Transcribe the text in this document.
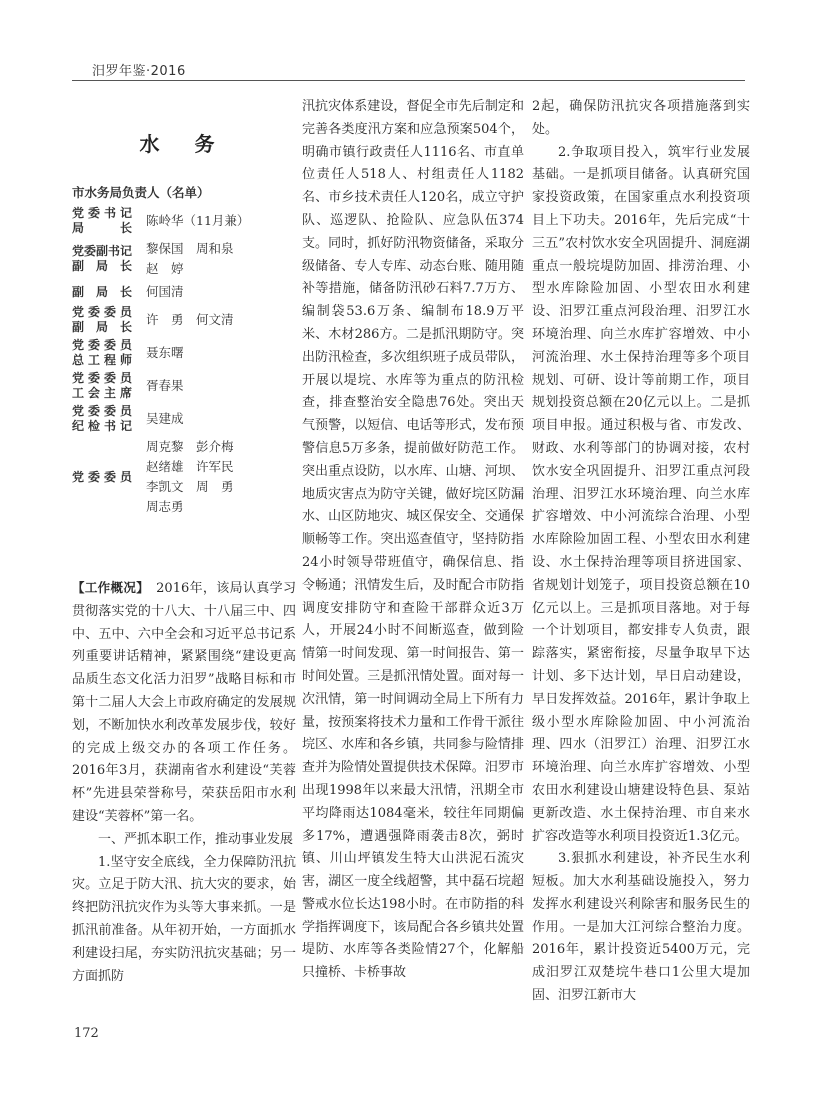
汨罗年鉴·2016
水 务
市水务局负责人（名单）
党委书记
局长 陈岭华（11月兼）
党委副书记
副局长
黎保国　周和泉
赵　婷
副局长 何国清
党委委员
副局长 许　勇　何文清
党委委员
总工程师 聂东曙
党委委员
工会主席 胥春果
党委委员
纪检书记 吴建成
党委委员
周克黎　彭介梅
赵绪雄　许军民
李凯文　周　勇
周志勇

【工作概况】　2016年，该局认真学习贯彻落实党的十八大、十八届三中、四中、五中、六中全会和习近平总书记系列重要讲话精神，紧紧围绕“建设更高品质生态文化活力汨罗”战略目标和市第十二届人大会上市政府确定的发展规划，不断加快水利改革发展步伐，较好的完成上级交办的各项工作任务。2016年3月，获湖南省水利建设“芙蓉杯”先进县荣誉称号，荣获岳阳市水利建设“芙蓉杯”第一名。

一、严抓本职工作，推动事业发展

1.坚守安全底线，全力保障防汛抗灾。立足于防大汛、抗大灾的要求，始终把防汛抗灾作为头等大事来抓。一是抓汛前准备。从年初开始，一方面抓水利建设扫尾，夯实防汛抗灾基础；另一方面抓防

汛抗灾体系建设，督促全市先后制定和完善各类度汛方案和应急预案504个，明确市镇行政责任人1116名、市直单位责任人518人、村组责任人1182名、市乡技术责任人120名，成立守护队、巡逻队、抢险队、应急队伍374支。同时，抓好防汛物资储备，采取分级储备、专人专库、动态台账、随用随补等措施，储备防汛砂石料7.7万方、编制袋53.6万条、编制布18.9万平米、木材286方。二是抓汛期防守。突出防汛检查，多次组织班子成员带队，开展以堤垸、水库等为重点的防汛检查，排查整治安全隐患76处。突出天气预警，以短信、电话等形式，发布预警信息5万多条，提前做好防范工作。突出重点设防，以水库、山塘、河坝、地质灾害点为防守关键，做好垸区防漏水、山区防地灾、城区保安全、交通保顺畅等工作。突出巡查值守，坚持防指24小时领导带班值守，确保信息、指令畅通；汛情发生后，及时配合市防指调度安排防守和查险干部群众近3万人，开展24小时不间断巡查，做到险情第一时间发现、第一时间报告、第一时间处置。三是抓汛情处置。面对每一次汛情，第一时间调动全局上下所有力量，按预案将技术力量和工作骨干派往垸区、水库和各乡镇，共同参与险情排查并为险情处置提供技术保障。汨罗市出现1998年以来最大汛情，汛期全市平均降雨达1084毫米，较往年同期偏多17%，遭遇强降雨袭击8次，弼时镇、川山坪镇发生特大山洪泥石流灾害，湖区一度全线超警，其中磊石垸超警戒水位长达198小时。在市防指的科学指挥调度下，该局配合各乡镇共处置堤防、水库等各类险情27个，化解船只撞桥、卡桥事故

2起，确保防汛抗灾各项措施落到实处。

2.争取项目投入，筑牢行业发展基础。一是抓项目储备。认真研究国家投资政策，在国家重点水利投资项目上下功夫。2016年，先后完成“十三五”农村饮水安全巩固提升、洞庭湖重点一般垸堤防加固、排涝治理、小型水库除险加固、小型农田水利建设、汨罗江重点河段治理、汨罗江水环境治理、向兰水库扩容增效、中小河流治理、水土保持治理等多个项目规划、可研、设计等前期工作，项目规划投资总额在20亿元以上。二是抓项目申报。通过积极与省、市发改、财政、水利等部门的协调对接，农村饮水安全巩固提升、汨罗江重点河段治理、汨罗江水环境治理、向兰水库扩容增效、中小河流综合治理、小型水库除险加固工程、小型农田水利建设、水土保持治理等项目挤进国家、省规划计划笼子，项目投资总额在10亿元以上。三是抓项目落地。对于每一个计划项目，都安排专人负责，跟踪落实，紧密衔接，尽量争取早下达计划、多下达计划，早日启动建设，早日发挥效益。2016年，累计争取上级小型水库除险加固、中小河流治理、四水（汨罗江）治理、汨罗江水环境治理、向兰水库扩容增效、小型农田水利建设山塘建设特色县、泵站更新改造、水土保持治理、市自来水扩容改造等水利项目投资近1.3亿元。

3.狠抓水利建设，补齐民生水利短板。加大水利基础设施投入，努力发挥水利建设兴利除害和服务民生的作用。一是加大江河综合整治力度。2016年，累计投资近5400万元，完成汨罗江双楚垸牛巷口1公里大堤加固、汨罗江新市大

172
